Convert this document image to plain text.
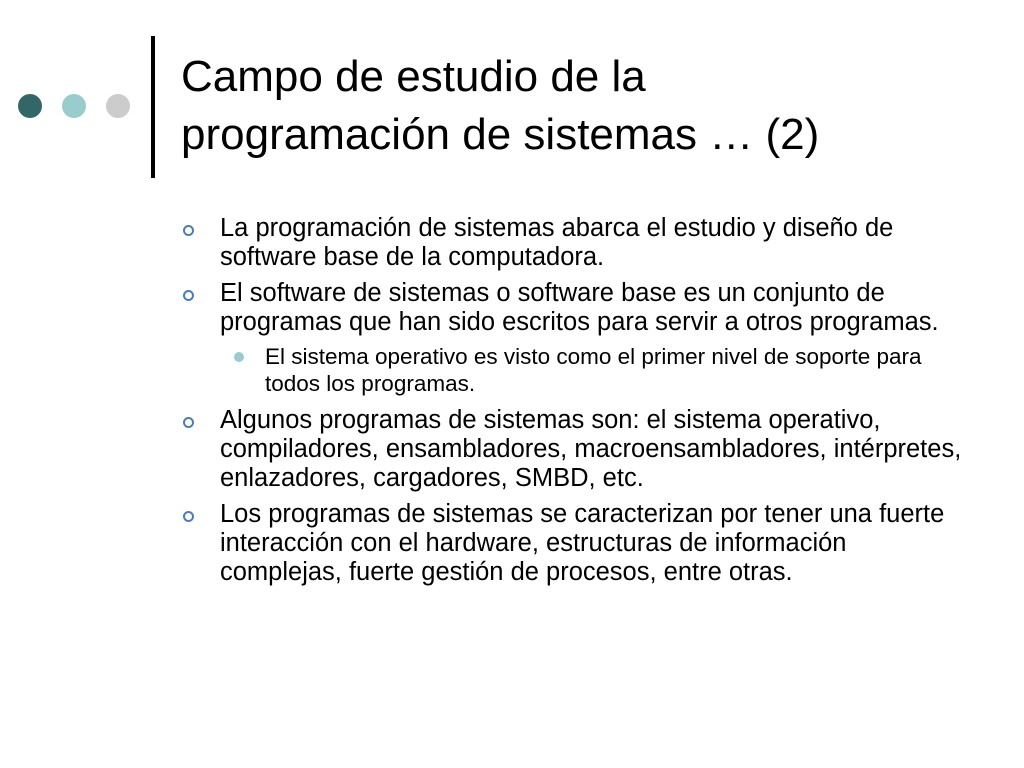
Campo de estudio de la
programación de sistemas … (2)
La programación de sistemas abarca el estudio y diseño de software base de la computadora.
El software de sistemas o software base es un conjunto de programas que han sido escritos para servir a otros programas.
El sistema operativo es visto como el primer nivel de soporte para todos los programas.
Algunos programas de sistemas son: el sistema operativo, compiladores, ensambladores, macroensambladores, intérpretes, enlazadores, cargadores, SMBD, etc.
Los programas de sistemas se caracterizan por tener una fuerte interacción con el hardware, estructuras de información complejas, fuerte gestión de procesos, entre otras.
